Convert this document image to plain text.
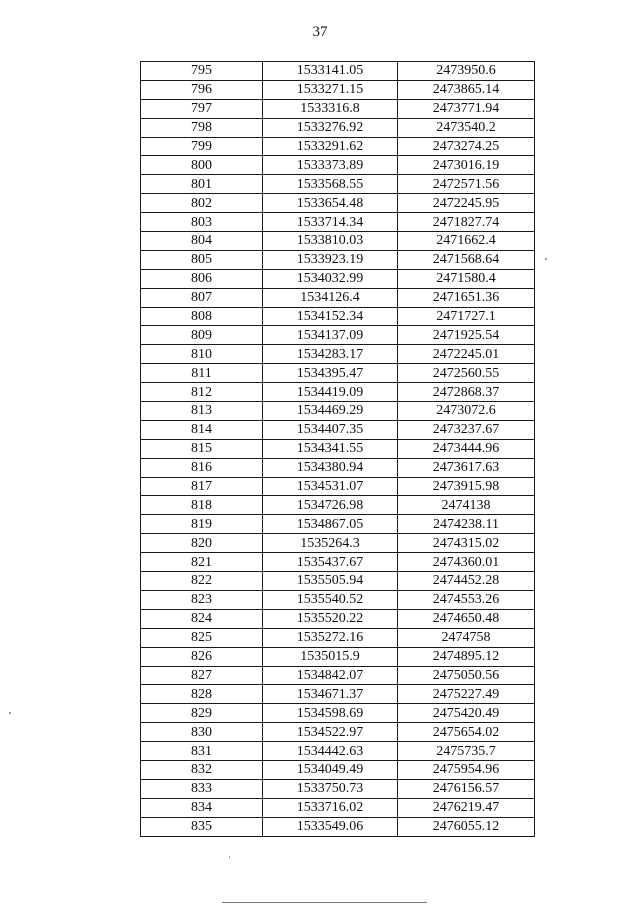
37
795	1533141.05	2473950.6
796	1533271.15	2473865.14
797	1533316.8	2473771.94
798	1533276.92	2473540.2
799	1533291.62	2473274.25
800	1533373.89	2473016.19
801	1533568.55	2472571.56
802	1533654.48	2472245.95
803	1533714.34	2471827.74
804	1533810.03	2471662.4
805	1533923.19	2471568.64
806	1534032.99	2471580.4
807	1534126.4	2471651.36
808	1534152.34	2471727.1
809	1534137.09	2471925.54
810	1534283.17	2472245.01
811	1534395.47	2472560.55
812	1534419.09	2472868.37
813	1534469.29	2473072.6
814	1534407.35	2473237.67
815	1534341.55	2473444.96
816	1534380.94	2473617.63
817	1534531.07	2473915.98
818	1534726.98	2474138
819	1534867.05	2474238.11
820	1535264.3	2474315.02
821	1535437.67	2474360.01
822	1535505.94	2474452.28
823	1535540.52	2474553.26
824	1535520.22	2474650.48
825	1535272.16	2474758
826	1535015.9	2474895.12
827	1534842.07	2475050.56
828	1534671.37	2475227.49
829	1534598.69	2475420.49
830	1534522.97	2475654.02
831	1534442.63	2475735.7
832	1534049.49	2475954.96
833	1533750.73	2476156.57
834	1533716.02	2476219.47
835	1533549.06	2476055.12
